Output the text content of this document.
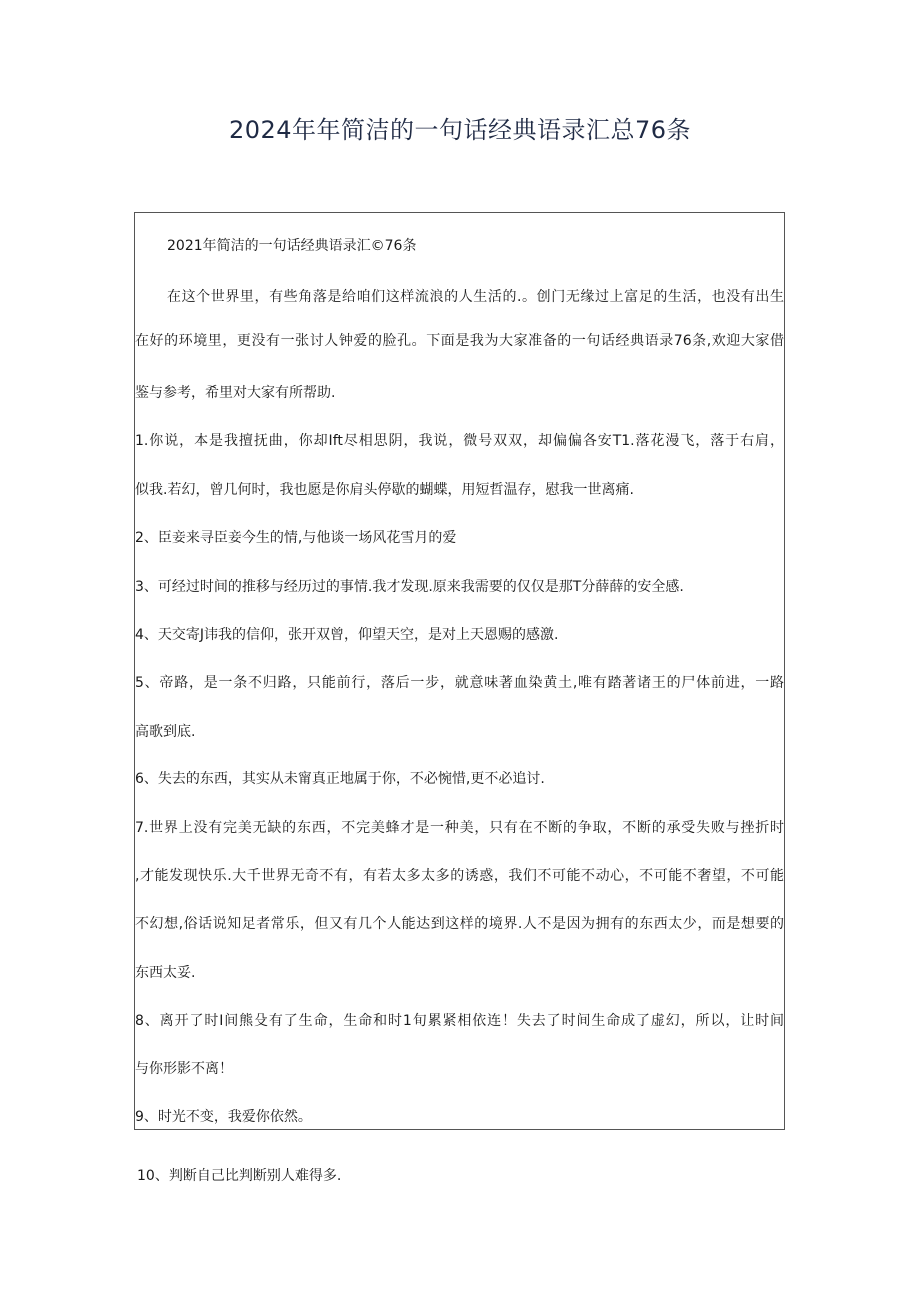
2024年年简洁的一句话经典语录汇总76条
2021年简洁的一句话经典语录汇©76条
在这个世界里，有些角落是给咱们这样流浪的人生活的.。创门无缘过上富足的生活，也没有出生
在好的环境里，更没有一张讨人钟爱的脸孔。下面是我为大家准备的一句话经典语录76条,欢迎大家借
鉴与参考，希里对大家有所帮助.
1.你说，本是我擅抚曲，你却Ift尽相思阴，我说，微号双双，却偏偏各安T1.落花漫飞，落于右肩，
似我.若幻，曾几何时，我也愿是你肩头停歇的蝴蝶，用短哲温存，慰我一世离痛.
2、臣妾来寻臣妾今生的情,与他谈一场风花雪月的爱
3、可经过时间的推移与经历过的事情.我才发现.原来我需要的仅仅是那T分薛薛的安全感.
4、天交寄J讳我的信仰，张开双曾，仰望天空，是对上天恩赐的感激.
5、帝路，是一条不归路，只能前行，落后一步，就意味著血染黄土,唯有踏著诸王的尸体前进，一路
高歌到底.
6、失去的东西，其实从未甯真正地属于你，不必惋惜,更不必追讨.
7.世界上没有完美无缺的东西，不完美蜂才是一种美，只有在不断的争取，不断的承受失败与挫折时
,才能发现快乐.大千世界无奇不有，有若太多太多的诱惑，我们不可能不动心，不可能不奢望，不可能
不幻想,俗话说知足者常乐，但又有几个人能达到这样的境界.人不是因为拥有的东西太少，而是想要的
东西太妥.
8、离开了时I间熊殳有了生命，生命和时1旬累紧相依连！失去了时间生命成了虚幻，所以，让时间
与你形影不离！
9、时光不变，我爱你依然。
10、判断自己比判断别人难得多.
